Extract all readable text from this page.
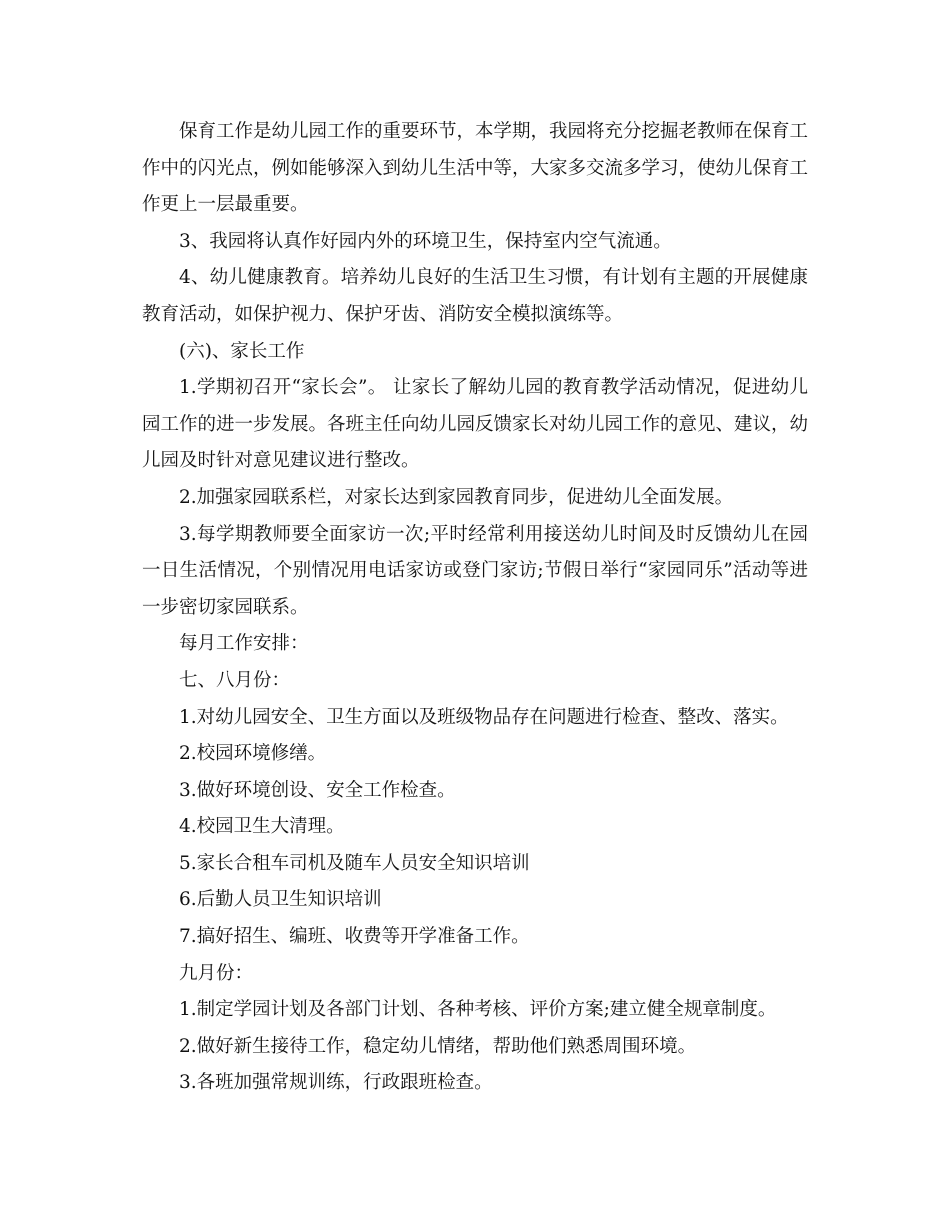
保育工作是幼儿园工作的重要环节，本学期，我园将充分挖掘老教师在保育工作中的闪光点，例如能够深入到幼儿生活中等，大家多交流多学习，使幼儿保育工作更上一层最重要。

3、我园将认真作好园内外的环境卫生，保持室内空气流通。

4、幼儿健康教育。培养幼儿良好的生活卫生习惯，有计划有主题的开展健康教育活动，如保护视力、保护牙齿、消防安全模拟演练等。

(六)、家长工作

1.学期初召开“家长会”。 让家长了解幼儿园的教育教学活动情况，促进幼儿园工作的进一步发展。各班主任向幼儿园反馈家长对幼儿园工作的意见、建议，幼儿园及时针对意见建议进行整改。

2.加强家园联系栏，对家长达到家园教育同步，促进幼儿全面发展。

3.每学期教师要全面家访一次;平时经常利用接送幼儿时间及时反馈幼儿在园一日生活情况，个别情况用电话家访或登门家访;节假日举行“家园同乐”活动等进一步密切家园联系。

每月工作安排：

七、八月份：

1.对幼儿园安全、卫生方面以及班级物品存在问题进行检查、整改、落实。

2.校园环境修缮。

3.做好环境创设、安全工作检查。

4.校园卫生大清理。

5.家长合租车司机及随车人员安全知识培训

6.后勤人员卫生知识培训

7.搞好招生、编班、收费等开学准备工作。

九月份：

1.制定学园计划及各部门计划、各种考核、评价方案;建立健全规章制度。

2.做好新生接待工作，稳定幼儿情绪，帮助他们熟悉周围环境。

3.各班加强常规训练，行政跟班检查。
